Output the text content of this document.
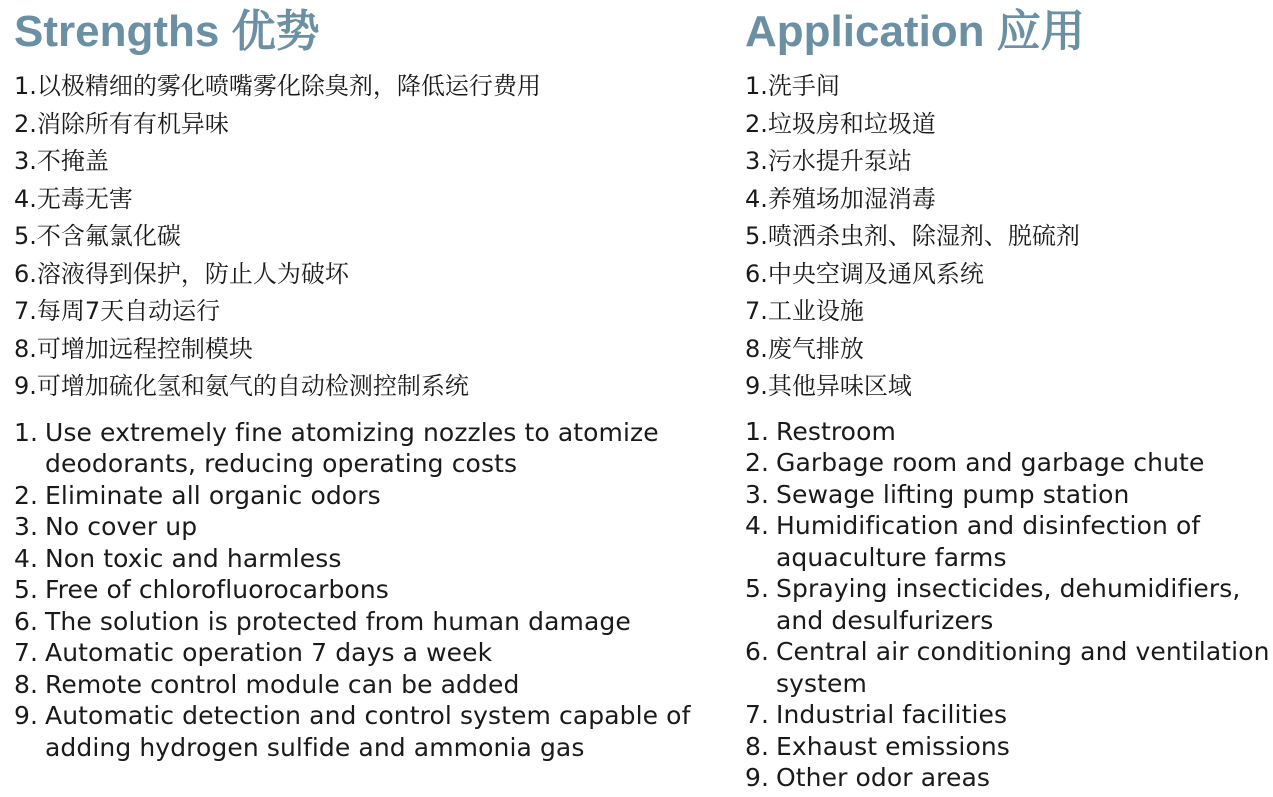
Strengths 优势
1.以极精细的雾化喷嘴雾化除臭剂，降低运行费用
2.消除所有有机异味
3.不掩盖
4.无毒无害
5.不含氟氯化碳
6.溶液得到保护，防止人为破坏
7.每周7天自动运行
8.可增加远程控制模块
9.可增加硫化氢和氨气的自动检测控制系统
1. Use extremely fine atomizing nozzles to atomize deodorants, reducing operating costs
2. Eliminate all organic odors
3. No cover up
4. Non toxic and harmless
5. Free of chlorofluorocarbons
6. The solution is protected from human damage
7. Automatic operation 7 days a week
8. Remote control module can be added
9. Automatic detection and control system capable of adding hydrogen sulfide and ammonia gas
Application 应用
1.洗手间
2.垃圾房和垃圾道
3.污水提升泵站
4.养殖场加湿消毒
5.喷洒杀虫剂、除湿剂、脱硫剂
6.中央空调及通风系统
7.工业设施
8.废气排放
9.其他异味区域
1. Restroom
2. Garbage room and garbage chute
3. Sewage lifting pump station
4. Humidification and disinfection of aquaculture farms
5. Spraying insecticides, dehumidifiers, and desulfurizers
6. Central air conditioning and ventilation system
7. Industrial facilities
8. Exhaust emissions
9. Other odor areas
